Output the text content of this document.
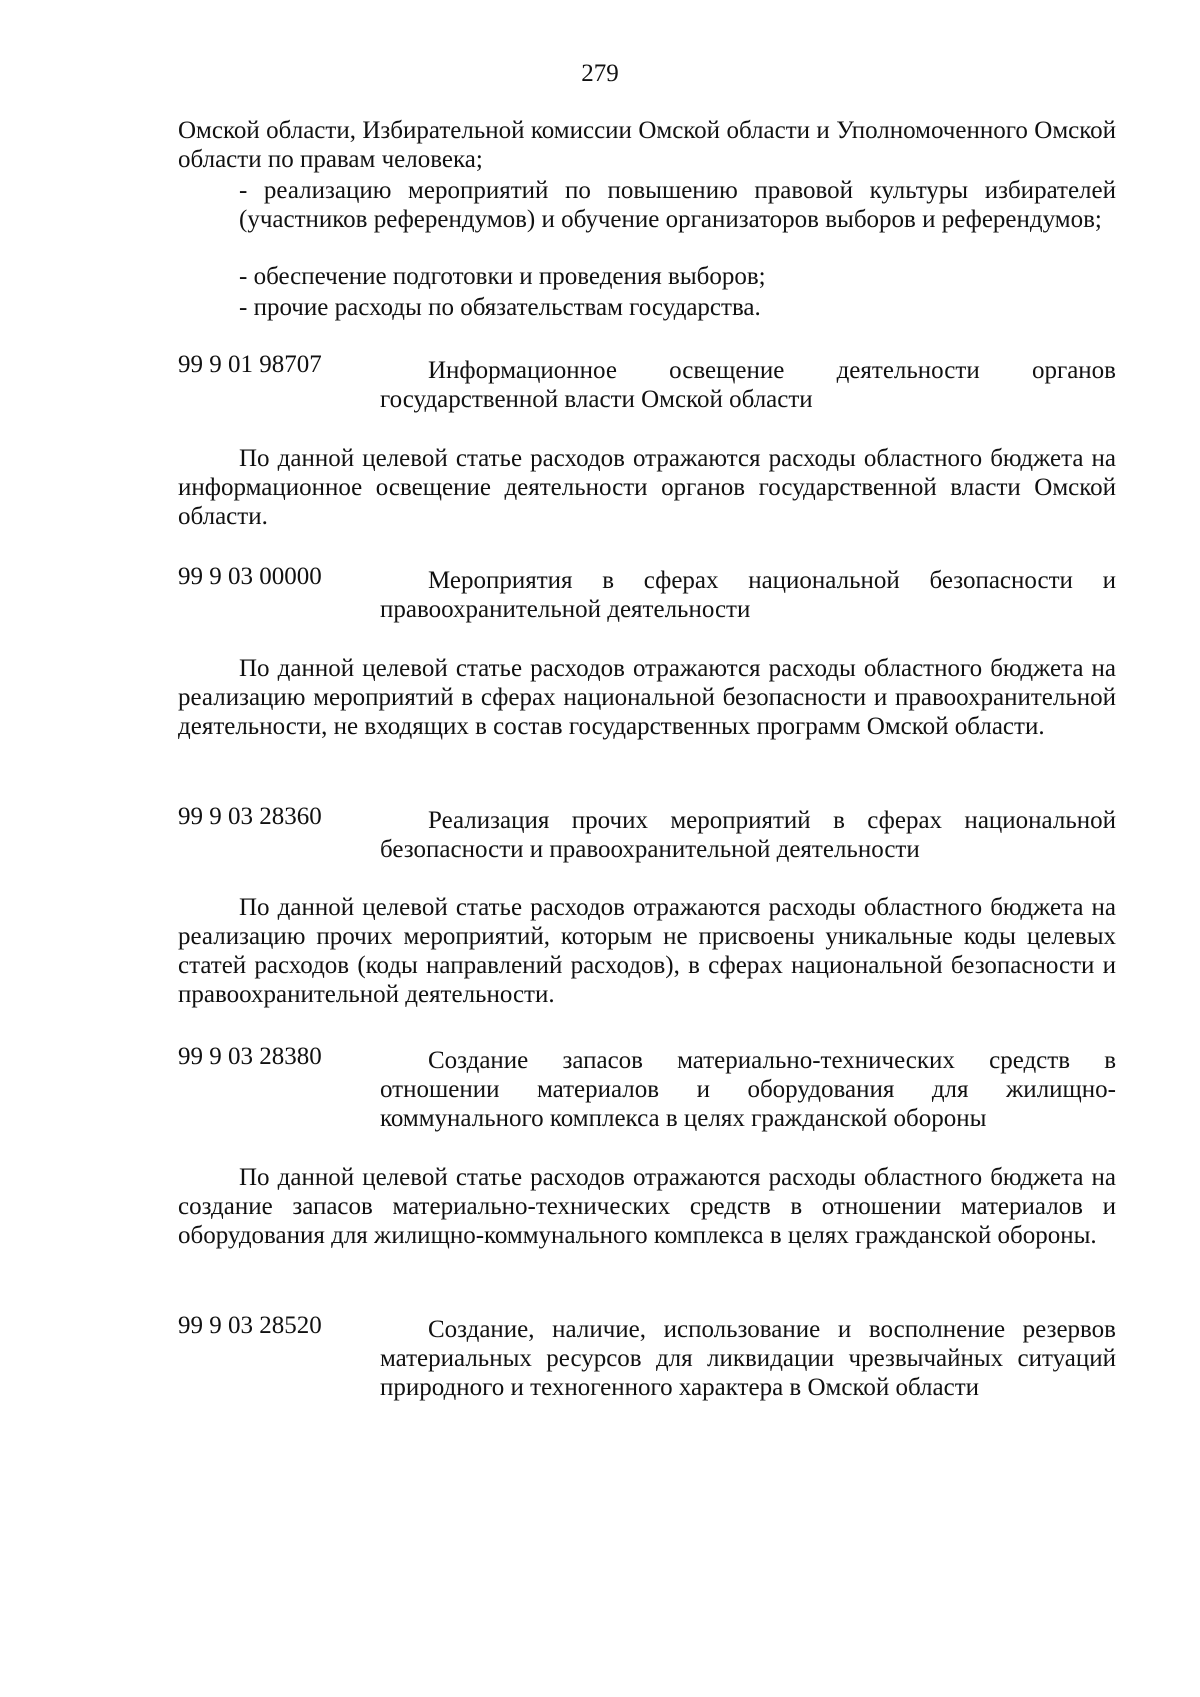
279
Омской области, Избирательной комиссии Омской области и Уполномоченного Омской области по правам человека;
- реализацию мероприятий по повышению правовой культуры избирателей (участников референдумов) и обучение организаторов выборов и референдумов;
- обеспечение подготовки и проведения выборов;
- прочие расходы по обязательствам государства.
99 9 01 98707	Информационное освещение деятельности органов государственной власти Омской области
По данной целевой статье расходов отражаются расходы областного бюджета на информационное освещение деятельности органов государственной власти Омской области.
99 9 03 00000	Мероприятия в сферах национальной безопасности и правоохранительной деятельности
По данной целевой статье расходов отражаются расходы областного бюджета на реализацию мероприятий в сферах национальной безопасности и правоохранительной деятельности, не входящих в состав государственных программ Омской области.
99 9 03 28360	Реализация прочих мероприятий в сферах национальной безопасности и правоохранительной деятельности
По данной целевой статье расходов отражаются расходы областного бюджета на реализацию прочих мероприятий, которым не присвоены уникальные коды целевых статей расходов (коды направлений расходов), в сферах национальной безопасности и правоохранительной деятельности.
99 9 03 28380	Создание запасов материально-технических средств в отношении материалов и оборудования для жилищно-коммунального комплекса в целях гражданской обороны
По данной целевой статье расходов отражаются расходы областного бюджета на создание запасов материально-технических средств в отношении материалов и оборудования для жилищно-коммунального комплекса в целях гражданской обороны.
99 9 03 28520	Создание, наличие, использование и восполнение резервов материальных ресурсов для ликвидации чрезвычайных ситуаций природного и техногенного характера в Омской области
